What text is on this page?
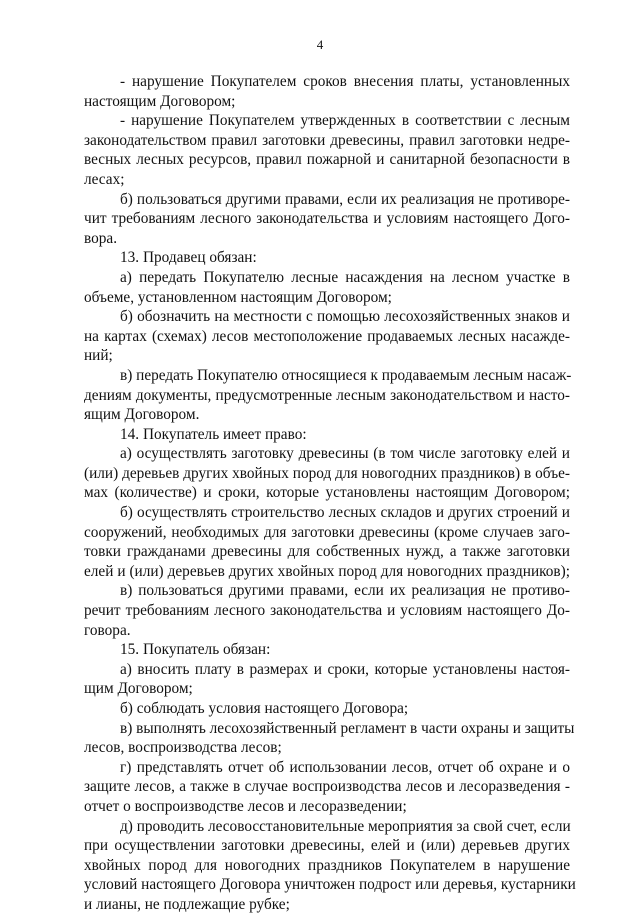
4
- нарушение Покупателем сроков внесения платы, установленных
настоящим Договором;
- нарушение Покупателем утвержденных в соответствии с лесным
законодательством правил заготовки древесины, правил заготовки недре-
весных лесных ресурсов, правил пожарной и санитарной безопасности в
лесах;
б) пользоваться другими правами, если их реализация не противоре-
чит требованиям лесного законодательства и условиям настоящего Дого-
вора.
13. Продавец обязан:
а) передать Покупателю лесные насаждения на лесном участке в
объеме, установленном настоящим Договором;
б) обозначить на местности с помощью лесохозяйственных знаков и
на картах (схемах) лесов местоположение продаваемых лесных насажде-
ний;
в) передать Покупателю относящиеся к продаваемым лесным насаж-
дениям документы, предусмотренные лесным законодательством и насто-
ящим Договором.
14. Покупатель имеет право:
а) осуществлять заготовку древесины (в том числе заготовку елей и
(или) деревьев других хвойных пород для новогодних праздников) в объе-
мах (количестве) и сроки, которые установлены настоящим Договором;
б) осуществлять строительство лесных складов и других строений и
сооружений, необходимых для заготовки древесины (кроме случаев заго-
товки гражданами древесины для собственных нужд, а также заготовки
елей и (или) деревьев других хвойных пород для новогодних праздников);
в) пользоваться другими правами, если их реализация не противо-
речит требованиям лесного законодательства и условиям настоящего До-
говора.
15. Покупатель обязан:
а) вносить плату в размерах и сроки, которые установлены настоя-
щим Договором;
б) соблюдать условия настоящего Договора;
в) выполнять лесохозяйственный регламент в части охраны и защиты
лесов, воспроизводства лесов;
г) представлять отчет об использовании лесов, отчет об охране и о
защите лесов, а также в случае воспроизводства лесов и лесоразведения -
отчет о воспроизводстве лесов и лесоразведении;
д) проводить лесовосстановительные мероприятия за свой счет, если
при осуществлении заготовки древесины, елей и (или) деревьев других
хвойных пород для новогодних праздников Покупателем в нарушение
условий настоящего Договора уничтожен подрост или деревья, кустарники
и лианы, не подлежащие рубке;
